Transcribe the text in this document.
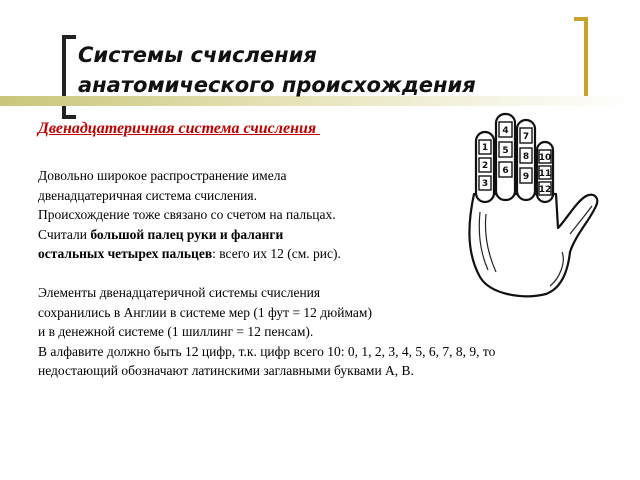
Системы счисления
анатомического происхождения
Двенадцатеричная система счисления

Довольно широкое распространение имела

двенадцатеричная система счисления.

Происхождение тоже связано со счетом на пальцах.

Считали большой палец руки и фаланги

остальных четырех пальцев: всего их 12 (см. рис).

Элементы двенадцатеричной системы счисления

сохранились в Англии в системе мер (1 фут = 12 дюймам)

и в денежной системе (1 шиллинг = 12 пенсам).

В алфавите должно быть 12 цифр, т.к. цифр всего 10: 0, 1, 2, 3, 4, 5, 6, 7, 8, 9, то

недостающий обозначают латинскими заглавными буквами А, В.

1
2
3
4
5
6
7
8
9
10
11
12
